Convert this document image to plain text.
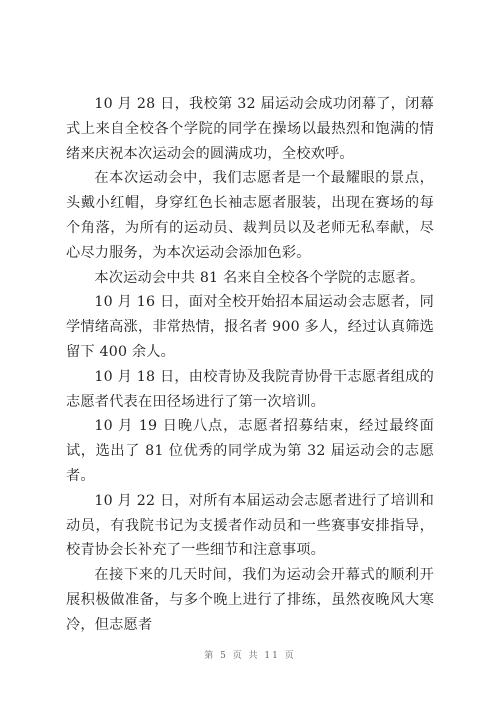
10 月 28 日，我校第 32 届运动会成功闭幕了，闭幕式上来自全校各个学院的同学在操场以最热烈和饱满的情绪来庆祝本次运动会的圆满成功，全校欢呼。

在本次运动会中，我们志愿者是一个最耀眼的景点，头戴小红帽，身穿红色长袖志愿者服装，出现在赛场的每个角落，为所有的运动员、裁判员以及老师无私奉献，尽心尽力服务，为本次运动会添加色彩。

本次运动会中共 81 名来自全校各个学院的志愿者。

10 月 16 日，面对全校开始招本届运动会志愿者，同学情绪高涨，非常热情，报名者 900 多人，经过认真筛选留下 400 余人。

10 月 18 日，由校青协及我院青协骨干志愿者组成的志愿者代表在田径场进行了第一次培训。

10 月 19 日晚八点，志愿者招募结束，经过最终面试，选出了 81 位优秀的同学成为第 32 届运动会的志愿者。

10 月 22 日，对所有本届运动会志愿者进行了培训和动员，有我院书记为支援者作动员和一些赛事安排指导，校青协会长补充了一些细节和注意事项。

在接下来的几天时间，我们为运动会开幕式的顺利开展积极做准备，与多个晚上进行了排练，虽然夜晚风大寒冷，但志愿者

第 5 页 共 11 页
